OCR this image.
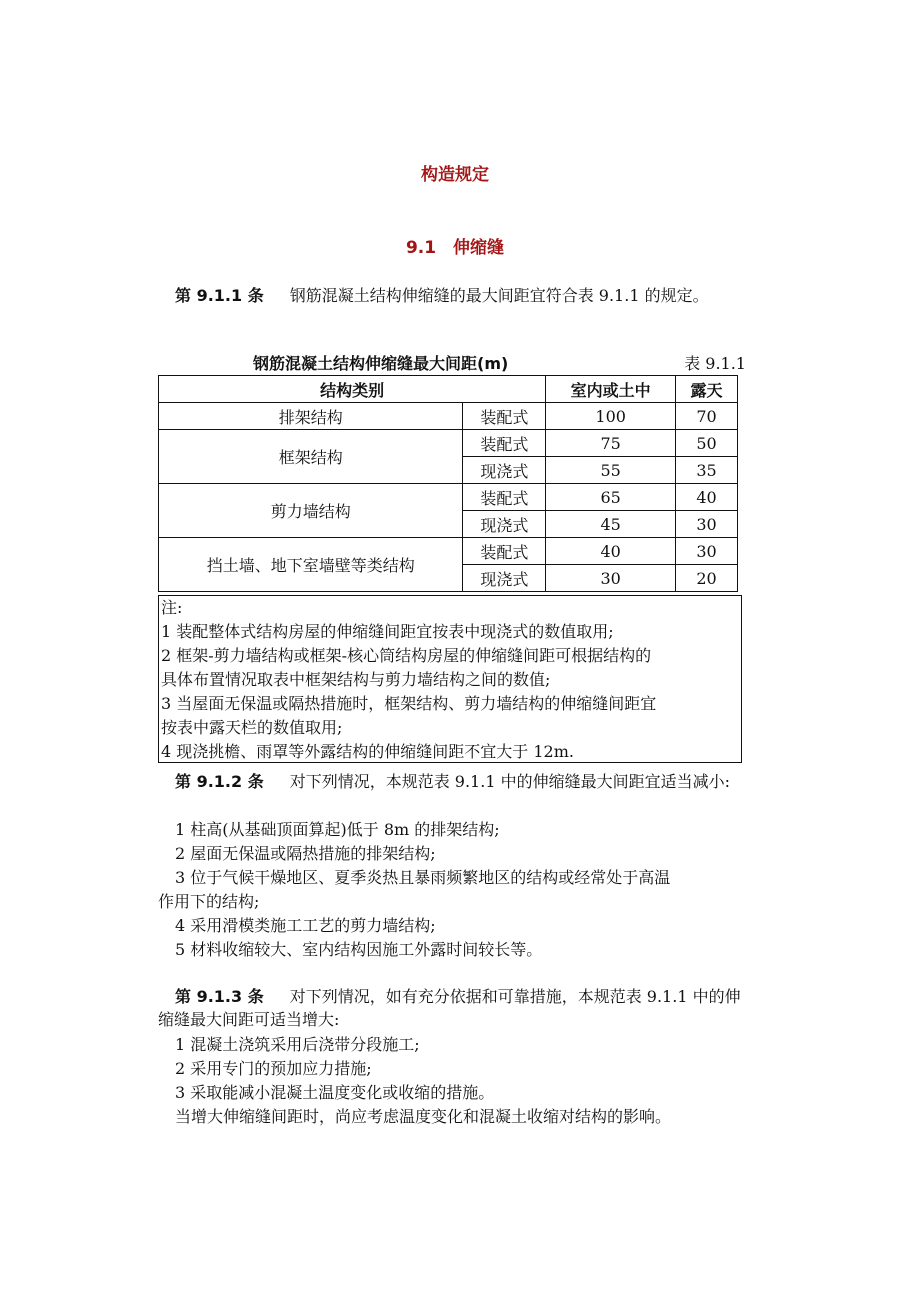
构造规定
9.1　伸缩缝
第 9.1.1 条 钢筋混凝土结构伸缩缝的最大间距宜符合表 9.1.1 的规定。
钢筋混凝土结构伸缩缝最大间距(m)	表 9.1.1
结构类别		室内或土中	露天
排架结构	装配式	100	70
框架结构	装配式	75	50
	现浇式	55	35
剪力墙结构	装配式	65	40
	现浇式	45	30
挡土墙、地下室墙壁等类结构	装配式	40	30
	现浇式	30	20
注:
1 装配整体式结构房屋的伸缩缝间距宜按表中现浇式的数值取用;
2 框架-剪力墙结构或框架-核心筒结构房屋的伸缩缝间距可根据结构的
具体布置情况取表中框架结构与剪力墙结构之间的数值;
3 当屋面无保温或隔热措施时，框架结构、剪力墙结构的伸缩缝间距宜
按表中露天栏的数值取用;
4 现浇挑檐、雨罩等外露结构的伸缩缝间距不宜大于 12m.
第 9.1.2 条 对下列情况，本规范表 9.1.1 中的伸缩缝最大间距宜适当减小:
1 柱高(从基础顶面算起)低于 8m 的排架结构;
2 屋面无保温或隔热措施的排架结构;
3 位于气候干燥地区、夏季炎热且暴雨频繁地区的结构或经常处于高温
作用下的结构;
4 采用滑模类施工工艺的剪力墙结构;
5 材料收缩较大、室内结构因施工外露时间较长等。
第 9.1.3 条 对下列情况，如有充分依据和可靠措施，本规范表 9.1.1 中的伸缩缝最大间距可适当增大:
1 混凝土浇筑采用后浇带分段施工;
2 采用专门的预加应力措施;
3 采取能减小混凝土温度变化或收缩的措施。
当增大伸缩缝间距时，尚应考虑温度变化和混凝土收缩对结构的影响。
